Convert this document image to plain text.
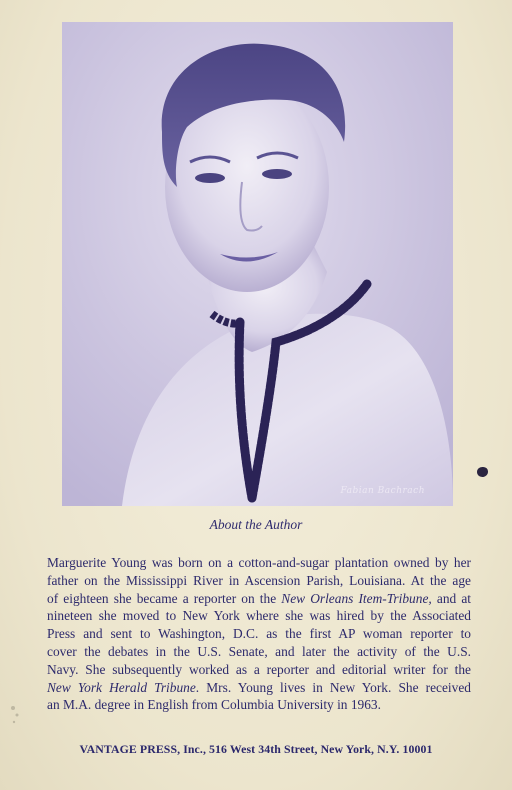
Fabian Bachrach
About the Author

Marguerite Young was born on a cotton-and-sugar plantation owned by her
father on the Mississippi River in Ascension Parish, Louisiana. At the age
of eighteen she became a reporter on the New Orleans Item-Tribune, and at
nineteen she moved to New York where she was hired by the Associated
Press and sent to Washington, D.C. as the first AP woman reporter to
cover the debates in the U.S. Senate, and later the activity of the U.S.
Navy. She subsequently worked as a reporter and editorial writer for the
New York Herald Tribune. Mrs. Young lives in New York. She received
an M.A. degree in English from Columbia University in 1963.

VANTAGE PRESS, Inc., 516 West 34th Street, New York, N.Y. 10001
